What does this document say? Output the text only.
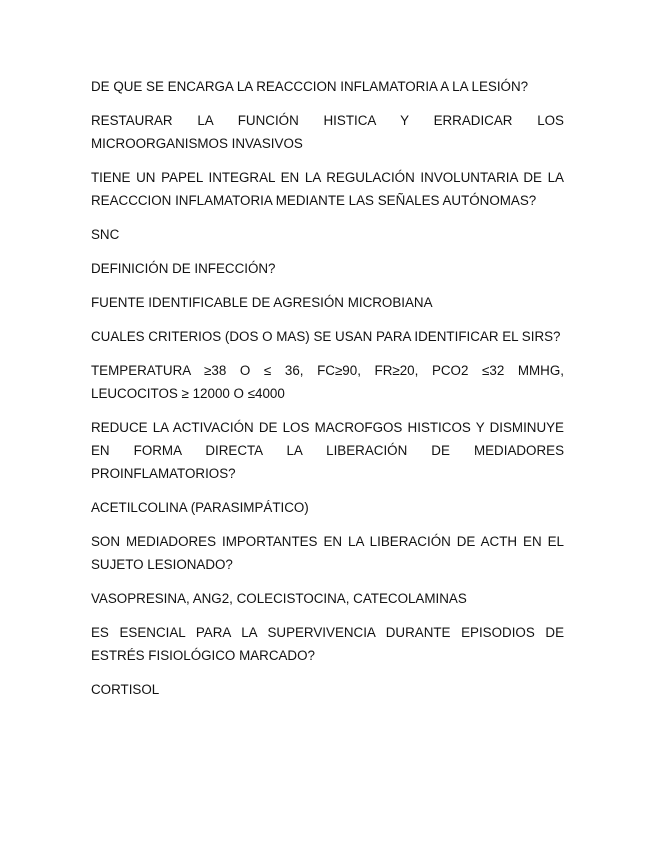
DE QUE SE ENCARGA LA REACCCION INFLAMATORIA A LA LESIÓN?

RESTAURAR LA FUNCIÓN HISTICA Y ERRADICAR LOS MICROORGANISMOS INVASIVOS

TIENE UN PAPEL INTEGRAL EN LA REGULACIÓN INVOLUNTARIA DE LA REACCCION INFLAMATORIA MEDIANTE LAS SEÑALES AUTÓNOMAS?

SNC

DEFINICIÓN DE INFECCIÓN?

FUENTE IDENTIFICABLE DE AGRESIÓN MICROBIANA

CUALES CRITERIOS (DOS O MAS) SE USAN PARA IDENTIFICAR EL SIRS?

TEMPERATURA ≥38 O ≤ 36, FC≥90, FR≥20, PCO2 ≤32 MMHG, LEUCOCITOS ≥ 12000 O ≤4000

REDUCE LA ACTIVACIÓN DE LOS MACROFGOS HISTICOS Y DISMINUYE EN FORMA DIRECTA LA LIBERACIÓN DE MEDIADORES PROINFLAMATORIOS?

ACETILCOLINA (PARASIMPÁTICO)

SON MEDIADORES IMPORTANTES EN LA LIBERACIÓN DE ACTH EN EL SUJETO LESIONADO?

VASOPRESINA, ANG2, COLECISTOCINA, CATECOLAMINAS

ES ESENCIAL PARA LA SUPERVIVENCIA DURANTE EPISODIOS DE ESTRÉS FISIOLÓGICO MARCADO?

CORTISOL
